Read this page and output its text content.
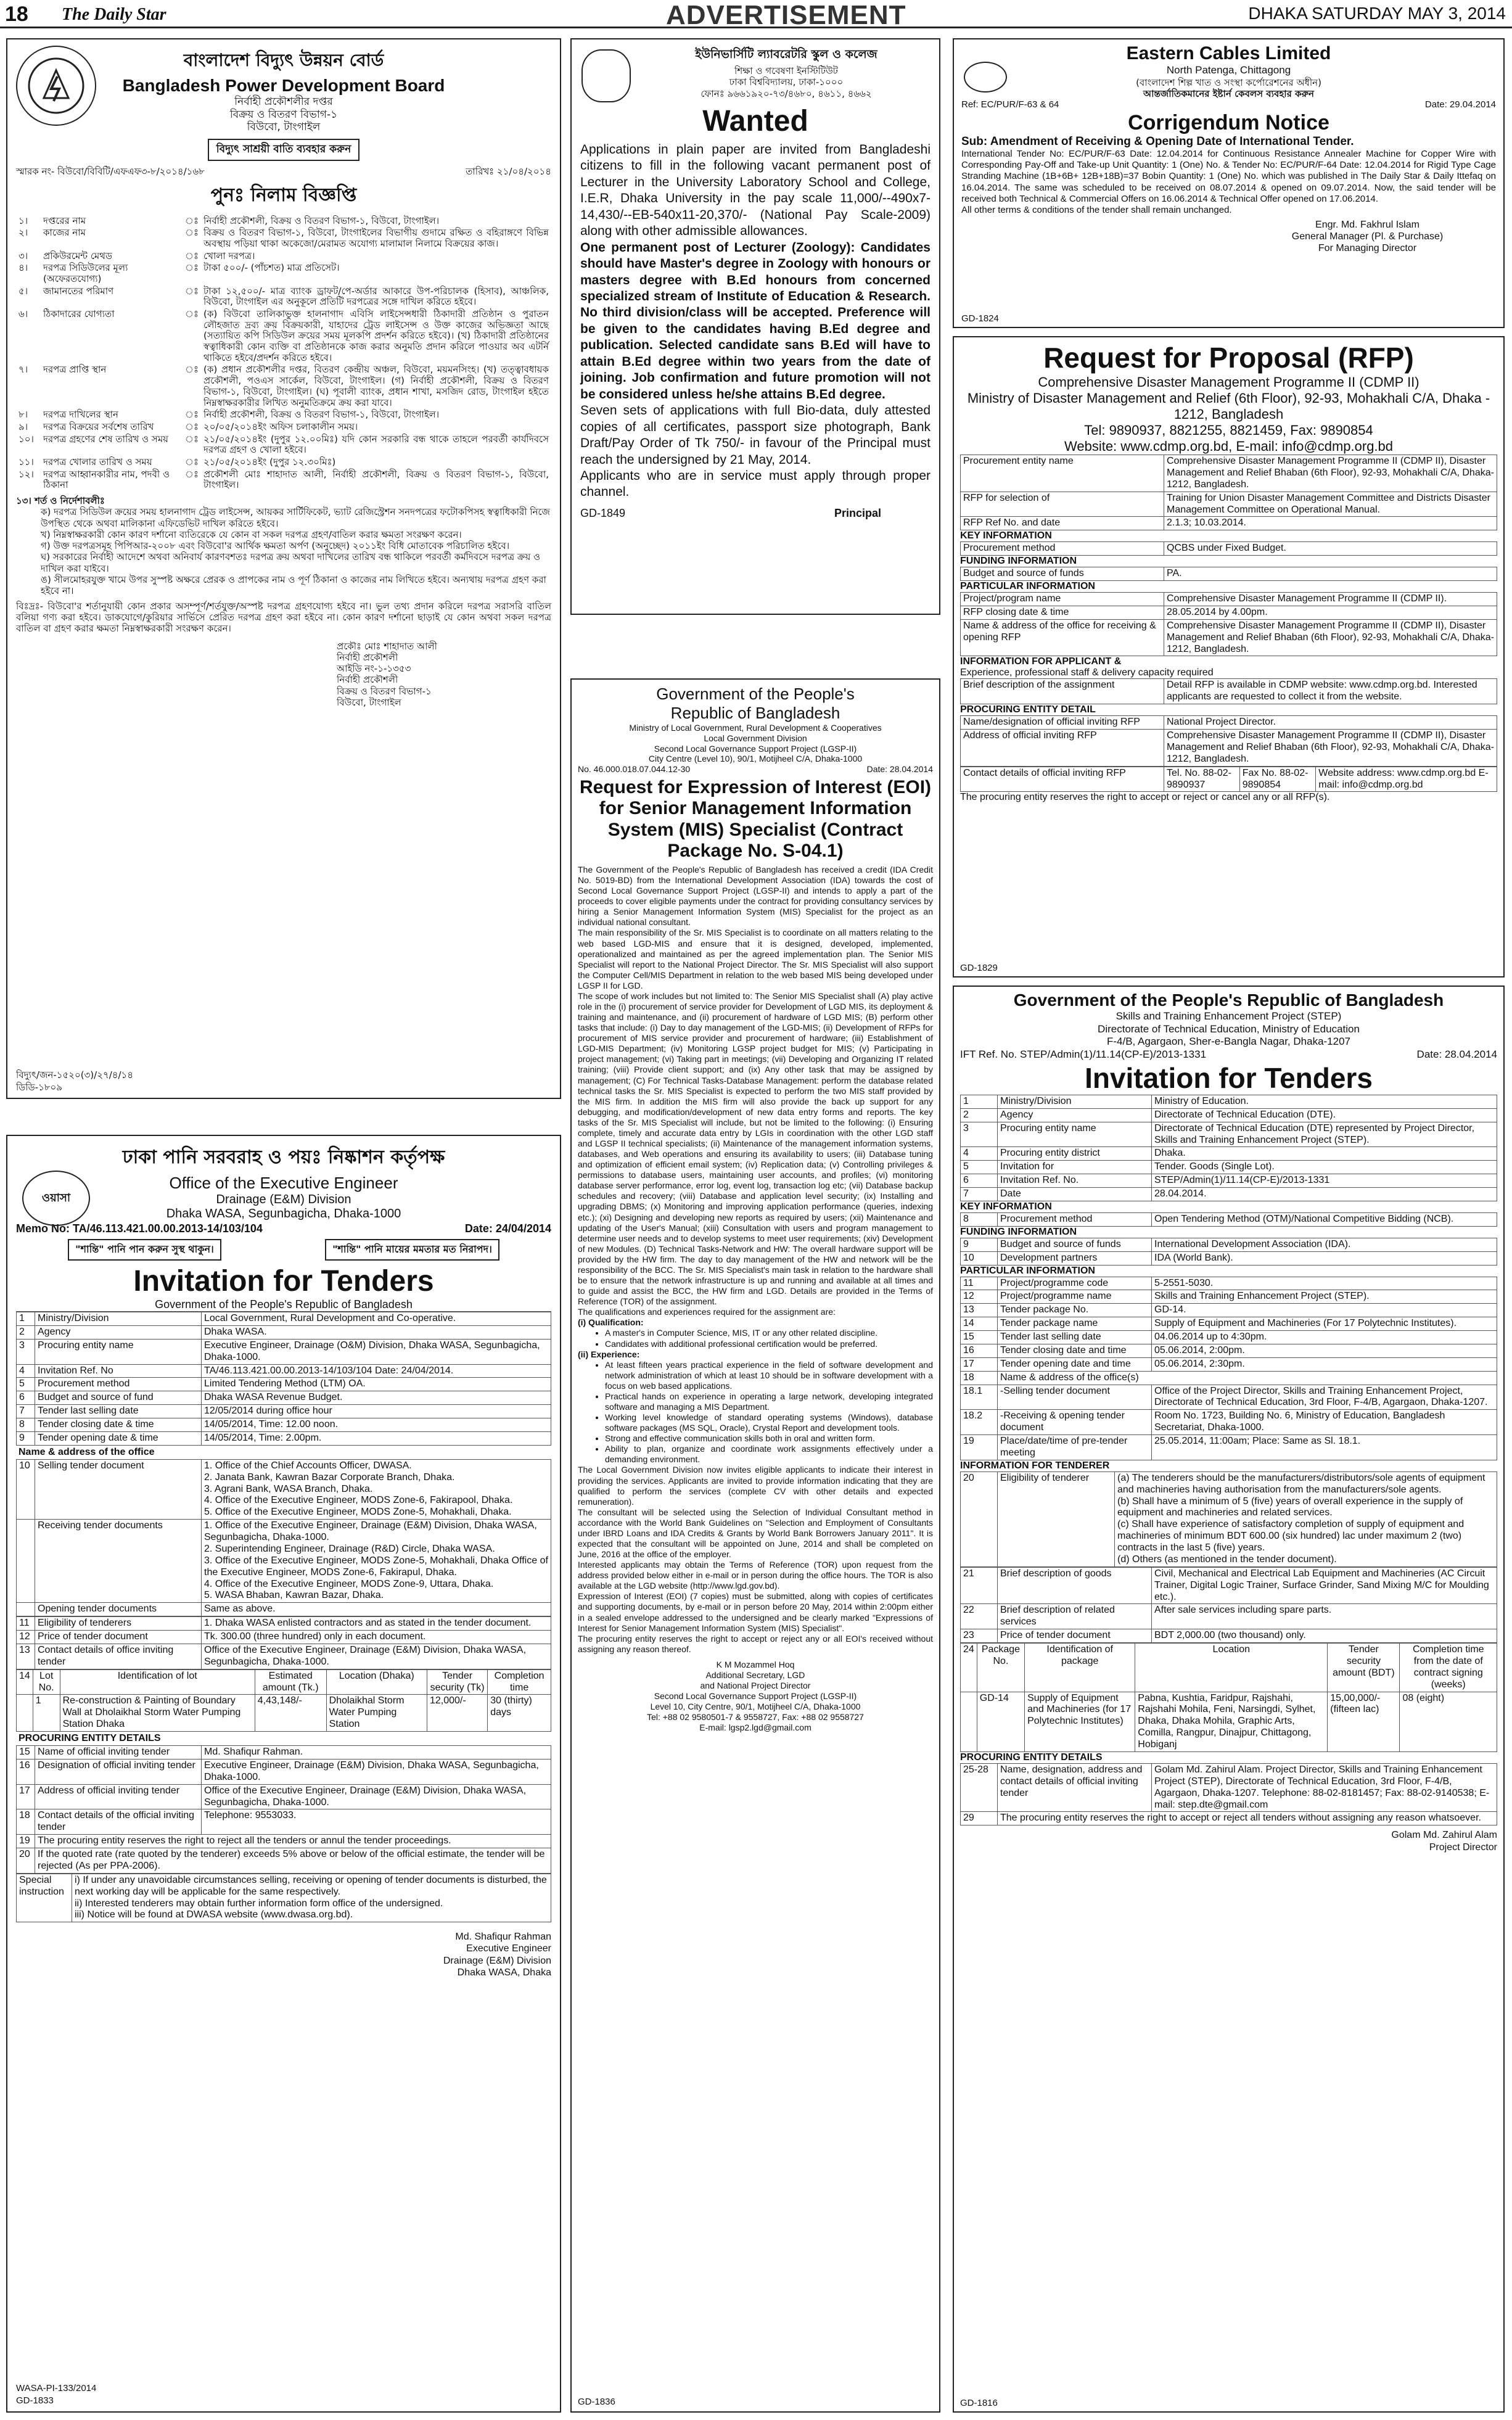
18 The Daily Star	ADVERTISEMENT	DHAKA SATURDAY MAY 3, 2014
বাংলাদেশ বিদ্যুৎ উন্নয়ন বোর্ড
Bangladesh Power Development Board
নির্বাহী প্রকৌশলীর দপ্তর
বিক্রয় ও বিতরণ বিভাগ-১
বিউবো, টাংগাইল
বিদ্যুৎ সাশ্রয়ী বাতি ব্যবহার করুন
স্মারক নং- বিউবো/বিবিটি/এফএফ৩-৮/২০১৪/১৬৮	তারিখঃ ২১/০৪/২০১৪
পুনঃ নিলাম বিজ্ঞপ্তি
১।	দপ্তরের নাম	ঃ	নির্বাহী প্রকৌশলী, বিক্রয় ও বিতরণ বিভাগ-১, বিউবো, টাংগাইল।
২।	কাজের নাম	ঃ	বিক্রয় ও বিতরণ বিভাগ-১, বিউবো, টাংগাইলের বিভাগীয় গুদামে রক্ষিত ও বহিরাঙ্গণে বিভিন্ন অবস্থায় পড়িয়া থাকা অকেজো/মেরামত অযোগ্য মালামাল নিলামে বিক্রয়ের কাজ।
৩।	প্রকিউরমেন্ট মেথড	ঃ	খোলা দরপত্র।
৪।	দরপত্র সিডিউলের মূল্য (অফেরতযোগ্য)	ঃ	টাকা ৫০০/- (পাঁচশত) মাত্র প্রতিসেট।
৫।	জামানতের পরিমাণ	ঃ	টাকা ১২,৫০০/- মাত্র ব্যাংক ড্রাফট/পে-অর্ডার আকারে উপ-পরিচালক (হিসাব), আঞ্চলিক, বিউবো, টাংগাইল এর অনুকূলে প্রতিটি দরপত্রের সঙ্গে দাখিল করিতে হইবে।
৬।	ঠিকাদারের যোগ্যতা	ঃ	(ক) বিউবো তালিকাভুক্ত হালনাগাদ এবিসি লাইসেন্সধারী ঠিকাদারী প্রতিষ্ঠান ও পুরাতন লৌহজাত দ্রব্য ক্রয় বিক্রয়কারী, যাহাদের ট্রেড লাইসেন্স ও উক্ত কাজের অভিজ্ঞতা আছে (সত্যায়িত কপি সিডিউল ক্রয়ের সময় মূলকপি প্রদর্শন করিতে হইবে)। (খ) ঠিকাদারী প্রতিষ্ঠানের স্বত্বাধিকারী কোন ব্যক্তি বা প্রতিষ্ঠানকে কাজ করার অনুমতি প্রদান করিলে পাওয়ার অব এটর্নি থাকিতে হইবে/প্রদর্শন করিতে হইবে।
৭।	দরপত্র প্রাপ্তি স্থান	ঃ	(ক) প্রধান প্রকৌশলীর দপ্তর, বিতরণ কেন্দ্রীয় অঞ্চল, বিউবো, ময়মনসিংহ। (খ) তত্ত্বাবধায়ক প্রকৌশলী, পওএস সার্কেল, বিউবো, টাংগাইল। (গ) নির্বাহী প্রকৌশলী, বিক্রয় ও বিতরণ বিভাগ-১, বিউবো, টাংগাইল। (ঘ) পূবালী ব্যাংক, প্রধান শাখা, মসজিদ রোড, টাংগাইল হইতে নিম্নস্বাক্ষরকারীর লিখিত অনুমতিক্রমে ক্রয় করা যাবে।
৮।	দরপত্র দাখিলের স্থান	ঃ	নির্বাহী প্রকৌশলী, বিক্রয় ও বিতরণ বিভাগ-১, বিউবো, টাংগাইল।
৯।	দরপত্র বিক্রয়ের সর্বশেষ তারিখ	ঃ	২০/০৫/২০১৪ইং অফিস চলাকালীন সময়।
১০।	দরপত্র গ্রহণের শেষ তারিখ ও সময়	ঃ	২১/০৫/২০১৪ইং (দুপুর ১২.০০মিঃ) যদি কোন সরকারি বন্ধ থাকে তাহলে পরবর্তী কার্যদিবসে দরপত্র গ্রহণ ও খোলা হইবে।
১১।	দরপত্র খোলার তারিখ ও সময়	ঃ	২১/০৫/২০১৪ইং (দুপুর ১২.৩০মিঃ)
১২।	দরপত্র আহ্বানকারীর নাম, পদবী ও ঠিকানা	ঃ	প্রকৌশলী মোঃ শাহাদাত আলী, নির্বাহী প্রকৌশলী, বিক্রয় ও বিতরণ বিভাগ-১, বিউবো, টাংগাইল।
১৩। শর্ত ও নির্দেশাবলীঃ
ক) দরপত্র সিডিউল ক্রয়ের সময় হালনাগাদ ট্রেড লাইসেন্স, আয়কর সার্টিফিকেট, ভ্যাট রেজিস্ট্রেশন সনদপত্রের ফটোকপিসহ স্বত্বাধিকারী নিজে উপস্থিত থেকে অথবা মালিকানা এফিডেভিট দাখিল করিতে হইবে।
খ) নিম্নস্বাক্ষরকারী কোন কারণ দর্শানো ব্যতিরেকে যে কোন বা সকল দরপত্র গ্রহণ/বাতিল করার ক্ষমতা সংরক্ষণ করেন।
গ) উক্ত দরপত্রসমূহ পিপিআর-২০০৮ এবং বিউবো'র আর্থিক ক্ষমতা অর্পণ (অনুচ্ছেদ) ২০১১ইং বিধি মোতাবেক পরিচালিত হইবে।
ঘ) সরকারের নির্বাহী আদেশে অথবা অনিবার্য কারণবশতঃ দরপত্র ক্রয় অথবা দাখিলের তারিখ বন্ধ থাকিলে পরবর্তী কর্মদিবসে দরপত্র ক্রয় ও দাখিল করা যাইবে।
ঙ) সীলমোহরযুক্ত খামে উপর সুস্পষ্ট অক্ষরে প্রেরক ও প্রাপকের নাম ও পূর্ণ ঠিকানা ও কাজের নাম লিখিতে হইবে। অন্যথায় দরপত্র গ্রহণ করা হইবে না।
বিঃদ্রঃ- বিউবো'র শর্তানুযায়ী কোন প্রকার অসম্পূর্ণ/শর্তযুক্ত/অস্পষ্ট দরপত্র গ্রহণযোগ্য হইবে না। ভুল তথ্য প্রদান করিলে দরপত্র সরাসরি বাতিল বলিয়া গণ্য করা হইবে। ডাকযোগে/কুরিয়ার সার্ভিসে প্রেরিত দরপত্র গ্রহণ করা হইবে না। কোন কারণ দর্শানো ছাড়াই যে কোন অথবা সকল দরপত্র বাতিল বা গ্রহণ করার ক্ষমতা নিম্নস্বাক্ষরকারী সংরক্ষণ করেন।
প্রকৌঃ মোঃ শাহাদাত আলী
নির্বাহী প্রকৌশলী
আইডি নং-১-১৩৫৩
নির্বাহী প্রকৌশলী
বিক্রয় ও বিতরণ বিভাগ-১
বিউবো, টাংগাইল
বিদ্যুৎ/জন-১৫২০(৩)/২৭/৪/১৪
ডিডি-১৮০৯
ওয়াসা
ঢাকা পানি সরবরাহ ও পয়ঃ নিষ্কাশন কর্তৃপক্ষ
Office of the Executive Engineer
Drainage (E&M) Division
Dhaka WASA, Segunbagicha, Dhaka-1000
Memo No: TA/46.113.421.00.00.2013-14/103/104	Date: 24/04/2014
"শান্তি" পানি পান করুন সুস্থ থাকুন।	"শান্তি" পানি মায়ের মমতার মত নিরাপদ।
Invitation for Tenders
Government of the People's Republic of Bangladesh
1	Ministry/Division	Local Government, Rural Development and Co-operative.
2	Agency	Dhaka WASA.
3	Procuring entity name	Executive Engineer, Drainage (O&M) Division, Dhaka WASA, Segunbagicha, Dhaka-1000.
4	Invitation Ref. No	TA/46.113.421.00.00.2013-14/103/104 Date: 24/04/2014.
5	Procurement method	Limited Tendering Method (LTM) OA.
6	Budget and source of fund	Dhaka WASA Revenue Budget.
7	Tender last selling date	12/05/2014 during office hour
8	Tender closing date & time	14/05/2014, Time: 12.00 noon.
9	Tender opening date & time	14/05/2014, Time: 2.00pm.
Name & address of the office
10	Selling tender document	1. Office of the Chief Accounts Officer, DWASA.
2. Janata Bank, Kawran Bazar Corporate Branch, Dhaka.
3. Agrani Bank, WASA Branch, Dhaka.
4. Office of the Executive Engineer, MODS Zone-6, Fakirapool, Dhaka.
5. Office of the Executive Engineer, MODS Zone-5, Mohakhali, Dhaka.

	Receiving tender documents	1. Office of the Executive Engineer, Drainage (E&M) Division, Dhaka WASA, Segunbagicha, Dhaka-1000.
2. Superintending Engineer, Drainage (R&D) Circle, Dhaka WASA.
3. Office of the Executive Engineer, MODS Zone-5, Mohakhali, Dhaka Office of the Executive Engineer, MODS Zone-6, Fakirapul, Dhaka.
4. Office of the Executive Engineer, MODS Zone-9, Uttara, Dhaka.
5. WASA Bhaban, Kawran Bazar, Dhaka.

	Opening tender documents	Same as above.
11	Eligibility of tenderers	1. Dhaka WASA enlisted contractors and as stated in the tender document.
12	Price of tender document	Tk. 300.00 (three hundred) only in each document.
13	Contact details of office inviting tender	Office of the Executive Engineer, Drainage (E&M) Division, Dhaka WASA, Segunbagicha, Dhaka-1000.
14	Lot No.	Identification of lot	Estimated amount (Tk.)	Location (Dhaka)	Tender security (Tk)	Completion time
	1	Re-construction & Painting of Boundary Wall at Dholaikhal Storm Water Pumping Station Dhaka	4,43,148/-	Dholaikhal Storm Water Pumping Station	12,000/-	30 (thirty) days
PROCURING ENTITY DETAILS
15	Name of official inviting tender	Md. Shafiqur Rahman.
16	Designation of official inviting tender	Executive Engineer, Drainage (E&M) Division, Dhaka WASA, Segunbagicha, Dhaka-1000.
17	Address of official inviting tender	Office of the Executive Engineer, Drainage (E&M) Division, Dhaka WASA, Segunbagicha, Dhaka-1000.
18	Contact details of the official inviting tender	Telephone: 9553033.
19	The procuring entity reserves the right to reject all the tenders or annul the tender proceedings.	
20	If the quoted rate (rate quoted by the tenderer) exceeds 5% above or below of the official estimate, the tender will be rejected (As per PPA-2006).	
Special instruction	
i) If under any unavoidable circumstances selling, receiving or opening of tender documents is disturbed, the next working day will be applicable for the same respectively.
ii) Interested tenderers may obtain further information form office of the undersigned.
iii) Notice will be found at DWASA website (www.dwasa.org.bd).
Md. Shafiqur Rahman
Executive Engineer
Drainage (E&M) Division
Dhaka WASA, Dhaka
WASA-PI-133/2014
GD-1833
ইউনিভার্সিটি ল্যাবরেটরি স্কুল ও কলেজ
শিক্ষা ও গবেষণা ইনস্টিটিউট
ঢাকা বিশ্ববিদ্যালয়, ঢাকা-১০০০
ফোনঃ ৯৬৬১৯২০-৭৩/৪৬৮০, ৪৬১১, ৪৬৬২
Wanted

Applications in plain paper are invited from Bangladeshi citizens to fill in the following vacant permanent post of Lecturer in the University Laboratory School and College, I.E.R, Dhaka University in the pay scale 11,000/--490x7-14,430/--EB-540x11-20,370/- (National Pay Scale-2009) along with other admissible allowances.

One permanent post of Lecturer (Zoology): Candidates should have Master's degree in Zoology with honours or masters degree with B.Ed honours from concerned specialized stream of Institute of Education & Research. No third division/class will be accepted. Preference will be given to the candidates having B.Ed degree and publication. Selected candidate sans B.Ed will have to attain B.Ed degree within two years from the date of joining. Job confirmation and future promotion will not be considered unless he/she attains B.Ed degree.

Seven sets of applications with full Bio-data, duly attested copies of all certificates, passport size photograph, Bank Draft/Pay Order of Tk 750/- in favour of the Principal must reach the undersigned by 21 May, 2014.

Applicants who are in service must apply through proper channel.

GD-1849	Principal
Government of the People's
Republic of Bangladesh
Ministry of Local Government, Rural Development & Cooperatives
Local Government Division
Second Local Governance Support Project (LGSP-II)
City Centre (Level 10), 90/1, Motijheel C/A, Dhaka-1000
No. 46.000.018.07.044.12-30	Date: 28.04.2014
Request for Expression of Interest (EOI) for Senior Management Information System (MIS) Specialist (Contract Package No. S-04.1)

The Government of the People's Republic of Bangladesh has received a credit (IDA Credit No. 5019-BD) from the International Development Association (IDA) towards the cost of Second Local Governance Support Project (LGSP-II) and intends to apply a part of the proceeds to cover eligible payments under the contract for providing consultancy services by hiring a Senior Management Information System (MIS) Specialist for the project as an individual national consultant.

The main responsibility of the Sr. MIS Specialist is to coordinate on all matters relating to the web based LGD-MIS and ensure that it is designed, developed, implemented, operationalized and maintained as per the agreed implementation plan. The Senior MIS Specialist will report to the National Project Director. The Sr. MIS Specialist will also support the Computer Cell/MIS Department in relation to the web based MIS being developed under LGSP II for LGD.

The scope of work includes but not limited to: The Senior MIS Specialist shall (A) play active role in the (i) procurement of service provider for Development of LGD MIS, its deployment & training and maintenance, and (ii) procurement of hardware of LGD MIS; (B) perform other tasks that include: (i) Day to day management of the LGD-MIS; (ii) Development of RFPs for procurement of MIS service provider and procurement of hardware; (iii) Establishment of LGD-MIS Department; (iv) Monitoring LGSP project budget for MIS; (v) Participating in project management; (vi) Taking part in meetings; (vii) Developing and Organizing IT related training; (viii) Provide client support; and (ix) Any other task that may be assigned by management; (C) For Technical Tasks-Database Management: perform the database related technical tasks the Sr. MIS Specialist is expected to perform the two MIS staff provided by the MIS firm. In addition the MIS firm will also provide the back up support for any debugging, and modification/development of new data entry forms and reports. The key tasks of the Sr. MIS Specialist will include, but not be limited to the following: (i) Ensuring complete, timely and accurate data entry by LGIs in coordination with the other LGD staff and LGSP II technical specialists; (ii) Maintenance of the management information systems, databases, and Web operations and ensuring its availability to users; (iii) Database tuning and optimization of efficient email system; (iv) Replication data; (v) Controlling privileges & permissions to database users, maintaining user accounts, and profiles; (vi) monitoring database server performance, error log, event log, transaction log etc; (vii) Database backup schedules and recovery; (viii) Database and application level security; (ix) Installing and upgrading DBMS; (x) Monitoring and improving application performance (queries, indexing etc.); (xi) Designing and developing new reports as required by users; (xii) Maintenance and updating of the User's Manual; (xiii) Consultation with users and program management to determine user needs and to develop systems to meet user requirements; (xiv) Development of new Modules. (D) Technical Tasks-Network and HW: The overall hardware support will be provided by the HW firm. The day to day management of the HW and network will be the responsibility of the BCC. The Sr. MIS Specialist's main task in relation to the hardware shall be to ensure that the network infrastructure is up and running and available at all times and to guide and assist the BCC, the HW firm and LGD. Details are provided in the Terms of Reference (TOR) of the assignment.

The qualifications and experiences required for the assignment are:

(i) Qualification:

• A master's in Computer Science, MIS, IT or any other related discipline.
• Candidates with additional professional certification would be preferred.

(ii) Experience:

• At least fifteen years practical experience in the field of software development and network administration of which at least 10 should be in software development with a focus on web based applications.
• Practical hands on experience in operating a large network, developing integrated software and managing a MIS Department.
• Working level knowledge of standard operating systems (Windows), database software packages (MS SQL, Oracle), Crystal Report and development tools.
• Strong and effective communication skills both in oral and written form.
• Ability to plan, organize and coordinate work assignments effectively under a demanding environment.

The Local Government Division now invites eligible applicants to indicate their interest in providing the services. Applicants are invited to provide information indicating that they are qualified to perform the services (complete CV with other details and expected remuneration).

The consultant will be selected using the Selection of Individual Consultant method in accordance with the World Bank Guidelines on "Selection and Employment of Consultants under IBRD Loans and IDA Credits & Grants by World Bank Borrowers January 2011". It is expected that the consultant will be appointed on June, 2014 and shall be completed on June, 2016 at the office of the employer.

Interested applicants may obtain the Terms of Reference (TOR) upon request from the address provided below either in e-mail or in person during the office hours. The TOR is also available at the LGD website (http://www.lgd.gov.bd).

Expression of Interest (EOI) (7 copies) must be submitted, along with copies of certificates and supporting documents, by e-mail or in person before 20 May, 2014 within 2:00pm either in a sealed envelope addressed to the undersigned and be clearly marked "Expressions of Interest for Senior Management Information System (MIS) Specialist".

The procuring entity reserves the right to accept or reject any or all EOI's received without assigning any reason thereof.

K M Mozammel Hoq
Additional Secretary, LGD
and National Project Director
Second Local Governance Support Project (LGSP-II)
Level 10, City Centre, 90/1, Motijheel C/A, Dhaka-1000
Tel: +88 02 9580501-7 & 9558727, Fax: +88 02 9558727
E-mail: lgsp2.lgd@gmail.com
GD-1836
Eastern Cables Limited
North Patenga, Chittagong
(বাংলাদেশ শিল্প খাত ও সংস্থা কর্পোরেশনের অধীন)
আন্তর্জাতিকমানের ইষ্টার্ন কেবলস ব্যবহার করুন
Ref: EC/PUR/F-63 & 64	Date: 29.04.2014
Corrigendum Notice
Sub: Amendment of Receiving & Opening Date of International Tender.
International Tender No: EC/PUR/F-63 Date: 12.04.2014 for Continuous Resistance Annealer Machine for Copper Wire with Corresponding Pay-Off and Take-up Unit Quantity: 1 (One) No. & Tender No: EC/PUR/F-64 Date: 12.04.2014 for Rigid Type Cage Stranding Machine (1B+6B+ 12B+18B)=37 Bobin Quantity: 1 (One) No. which was published in The Daily Star & Daily Ittefaq on 16.04.2014. The same was scheduled to be received on 08.07.2014 & opened on 09.07.2014. Now, the said tender will be received both Technical & Commercial Offers on 16.06.2014 & Technical Offer opened on 17.06.2014.
All other terms & conditions of the tender shall remain unchanged.
Engr. Md. Fakhrul Islam
General Manager (Pl. & Purchase)
For Managing Director
GD-1824
Request for Proposal (RFP)
Comprehensive Disaster Management Programme II (CDMP II)
Ministry of Disaster Management and Relief (6th Floor), 92-93, Mohakhali C/A, Dhaka - 1212, Bangladesh
Tel: 9890937, 8821255, 8821459, Fax: 9890854
Website: www.cdmp.org.bd, E-mail: info@cdmp.org.bd
Procurement entity name	Comprehensive Disaster Management Programme II (CDMP II), Disaster Management and Relief Bhaban (6th Floor), 92-93, Mohakhali C/A, Dhaka-1212, Bangladesh.
RFP for selection of	Training for Union Disaster Management Committee and Districts Disaster Management Committee on Operational Manual.
RFP Ref No. and date	2.1.3; 10.03.2014.
KEY INFORMATION
Procurement method	QCBS under Fixed Budget.
FUNDING INFORMATION
Budget and source of funds	PA.
PARTICULAR INFORMATION
Project/program name	Comprehensive Disaster Management Programme II (CDMP II).
RFP closing date & time	28.05.2014 by 4.00pm.
Name & address of the office for receiving & opening RFP	Comprehensive Disaster Management Programme II (CDMP II), Disaster Management and Relief Bhaban (6th Floor), 92-93, Mohakhali C/A, Dhaka-1212, Bangladesh.
INFORMATION FOR APPLICANT &
Experience, professional staff & delivery capacity required
Brief description of the assignment	Detail RFP is available in CDMP website: www.cdmp.org.bd. Interested applicants are requested to collect it from the website.
PROCURING ENTITY DETAIL
Name/designation of official inviting RFP	National Project Director.
Address of official inviting RFP	Comprehensive Disaster Management Programme II (CDMP II), Disaster Management and Relief Bhaban (6th Floor), 92-93, Mohakhali C/A, Dhaka-1212, Bangladesh.
Contact details of official inviting RFP	Tel. No. 88-02-9890937	Fax No. 88-02-9890854	Website address: www.cdmp.org.bd E-mail: info@cdmp.org.bd
The procuring entity reserves the right to accept or reject or cancel any or all RFP(s).
GD-1829
Government of the People's Republic of Bangladesh
Skills and Training Enhancement Project (STEP)
Directorate of Technical Education, Ministry of Education
F-4/B, Agargaon, Sher-e-Bangla Nagar, Dhaka-1207
IFT Ref. No. STEP/Admin(1)/11.14(CP-E)/2013-1331	Date: 28.04.2014
Invitation for Tenders
1	Ministry/Division	Ministry of Education.
2	Agency	Directorate of Technical Education (DTE).
3	Procuring entity name	Directorate of Technical Education (DTE) represented by Project Director, Skills and Training Enhancement Project (STEP).
4	Procuring entity district	Dhaka.
5	Invitation for	Tender. Goods (Single Lot).
6	Invitation Ref. No.	STEP/Admin(1)/11.14(CP-E)/2013-1331
7	Date	28.04.2014.
KEY INFORMATION
8	Procurement method	Open Tendering Method (OTM)/National Competitive Bidding (NCB).
FUNDING INFORMATION
9	Budget and source of funds	International Development Association (IDA).
10	Development partners	IDA (World Bank).
PARTICULAR INFORMATION
11	Project/programme code	5-2551-5030.
12	Project/programme name	Skills and Training Enhancement Project (STEP).
13	Tender package No.	GD-14.
14	Tender package name	Supply of Equipment and Machineries (For 17 Polytechnic Institutes).
15	Tender last selling date	04.06.2014 up to 4:30pm.
16	Tender closing date and time	05.06.2014, 2:00pm.
17	Tender opening date and time	05.06.2014, 2:30pm.
18	Name & address of the office(s)	
18.1	-Selling tender document	Office of the Project Director, Skills and Training Enhancement Project, Directorate of Technical Education, 3rd Floor, F-4/B, Agargaon, Dhaka-1207.
18.2	-Receiving & opening tender document	Room No. 1723, Building No. 6, Ministry of Education, Bangladesh Secretariat, Dhaka-1000.
19	Place/date/time of pre-tender meeting	25.05.2014, 11:00am; Place: Same as Sl. 18.1.
INFORMATION FOR TENDERER
20	Eligibility of tenderer	(a) The tenderers should be the manufacturers/distributors/sole agents of equipment and machineries having authorisation from the manufacturers/sole agents.
(b) Shall have a minimum of 5 (five) years of overall experience in the supply of equipment and machineries and related services.
(c) Shall have experience of satisfactory completion of supply of equipment and machineries of minimum BDT 600.00 (six hundred) lac under maximum 2 (two) contracts in the last 5 (five) years.
(d) Others (as mentioned in the tender document).
21	Brief description of goods	Civil, Mechanical and Electrical Lab Equipment and Machineries (AC Circuit Trainer, Digital Logic Trainer, Surface Grinder, Sand Mixing M/C for Moulding etc.).
22	Brief description of related services	After sale services including spare parts.
23	Price of tender document	BDT 2,000.00 (two thousand) only.
24	Package No.	Identification of package	Location	Tender security amount (BDT)	Completion time from the date of contract signing (weeks)
	GD-14	Supply of Equipment and Machineries (for 17 Polytechnic Institutes)	Pabna, Kushtia, Faridpur, Rajshahi, Rajshahi Mohila, Feni, Narsingdi, Sylhet, Dhaka, Dhaka Mohila, Graphic Arts, Comilla, Rangpur, Dinajpur, Chittagong, Hobiganj	15,00,000/- (fifteen lac)	08 (eight)
PROCURING ENTITY DETAILS
25-28	Name, designation, address and contact details of official inviting tender	Golam Md. Zahirul Alam. Project Director, Skills and Training Enhancement Project (STEP), Directorate of Technical Education, 3rd Floor, F-4/B, Agargaon, Dhaka-1207. Telephone: 88-02-8181457; Fax: 88-02-9140538; E-mail: step.dte@gmail.com
29	The procuring entity reserves the right to accept or reject all tenders without assigning any reason whatsoever.	
Golam Md. Zahirul Alam
Project Director
GD-1816
